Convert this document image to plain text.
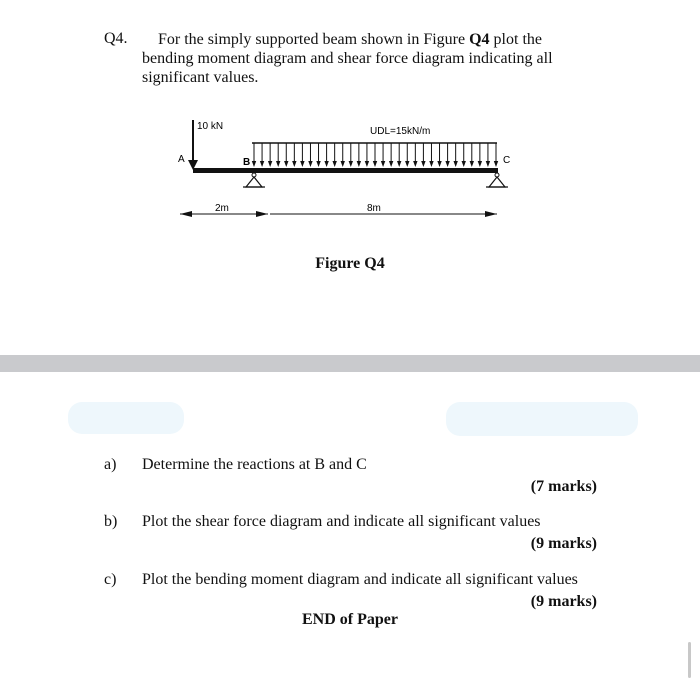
Q4.	For the simply supported beam shown in Figure Q4 plot the
bending moment diagram and shear force diagram indicating all
significant values.
10 kN	UDL=15kN/m
A	B	C
2m	8m
Figure Q4
a) Determine the reactions at B and C
(7 marks)
b) Plot the shear force diagram and indicate all significant values
(9 marks)
c) Plot the bending moment diagram and indicate all significant values
(9 marks)
END of Paper
